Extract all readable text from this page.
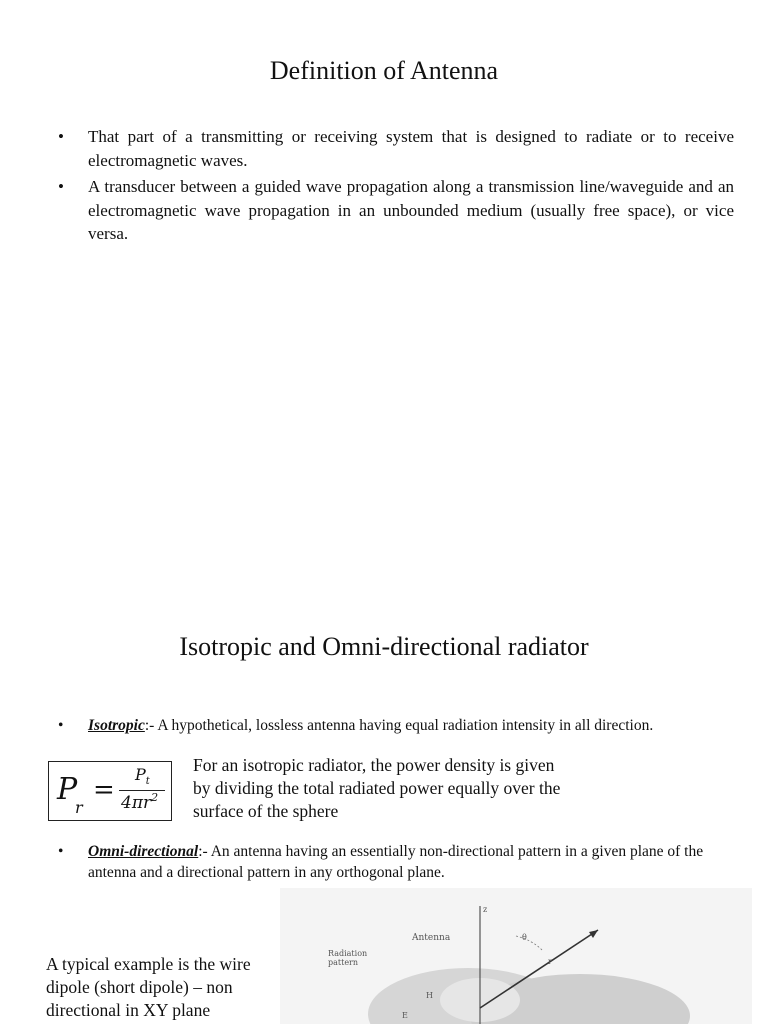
Definition of Antenna
• That part of a transmitting or receiving system that is designed to radiate or to receive electromagnetic waves.
• A transducer between a guided wave propagation along a transmission line/waveguide and an electromagnetic wave propagation in an unbounded medium (usually free space), or vice versa.
Isotropic and Omni-directional radiator
• Isotropic:- A hypothetical, lossless antenna having equal radiation intensity in all direction.
P
r
=
$P_t$
$4\pi r^2$

For an isotropic radiator, the power density is given by dividing the total radiated power equally over the surface of the sphere

• Omni-directional:- An antenna having an essentially non-directional pattern in a given plane of the antenna and a directional pattern in any orthogonal plane.

A typical example is the wire dipole (short dipole) – non directional in XY plane

z
Antenna
Radiation
pattern
θ
r
H
E
